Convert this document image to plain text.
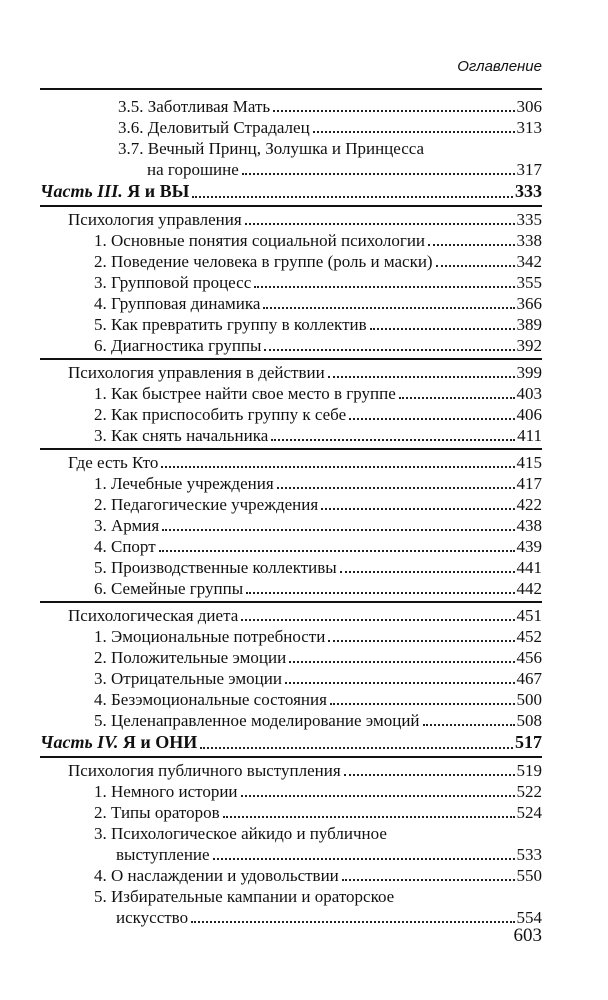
Оглавление
3.5. Заботливая Мать	306
3.6. Деловитый Страдалец	313
3.7. Вечный Принц, Золушка и Принцесса
на горошине	317
Часть III. Я и ВЫ	333
Психология управления	335
1. Основные понятия социальной психологии	338
2. Поведение человека в группе (роль и маски)	342
3. Групповой процесс	355
4. Групповая динамика	366
5. Как превратить группу в коллектив	389
6. Диагностика группы	392
Психология управления в действии	399
1. Как быстрее найти свое место в группе	403
2. Как приспособить группу к себе	406
3. Как снять начальника	411
Где есть Кто	415
1. Лечебные учреждения	417
2. Педагогические учреждения	422
3. Армия	438
4. Спорт	439
5. Производственные коллективы	441
6. Семейные группы	442
Психологическая диета	451
1. Эмоциональные потребности	452
2. Положительные эмоции	456
3. Отрицательные эмоции	467
4. Безэмоциональные состояния	500
5. Целенаправленное моделирование эмоций	508
Часть IV. Я и ОНИ	517
Психология публичного выступления	519
1. Немного истории	522
2. Типы ораторов	524
3. Психологическое айкидо и публичное
выступление	533
4. О наслаждении и удовольствии	550
5. Избирательные кампании и ораторское
искусство	554
603
